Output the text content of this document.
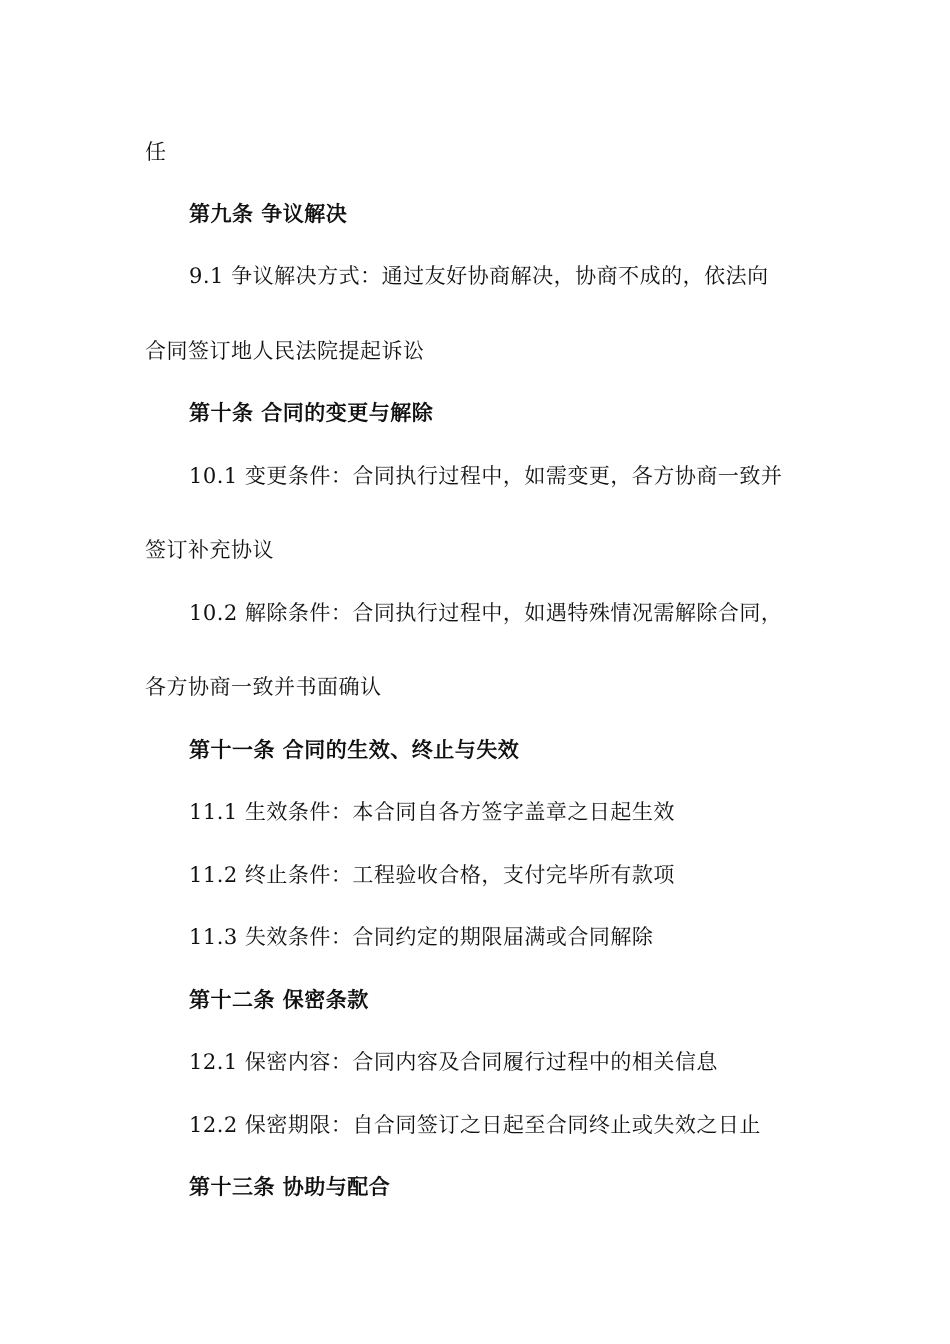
任
第九条 争议解决
9.1 争议解决方式：通过友好协商解决，协商不成的，依法向
合同签订地人民法院提起诉讼
第十条 合同的变更与解除
10.1 变更条件：合同执行过程中，如需变更，各方协商一致并
签订补充协议
10.2 解除条件：合同执行过程中，如遇特殊情况需解除合同，
各方协商一致并书面确认
第十一条 合同的生效、终止与失效
11.1 生效条件：本合同自各方签字盖章之日起生效
11.2 终止条件：工程验收合格，支付完毕所有款项
11.3 失效条件：合同约定的期限届满或合同解除
第十二条 保密条款
12.1 保密内容：合同内容及合同履行过程中的相关信息
12.2 保密期限：自合同签订之日起至合同终止或失效之日止
第十三条 协助与配合
